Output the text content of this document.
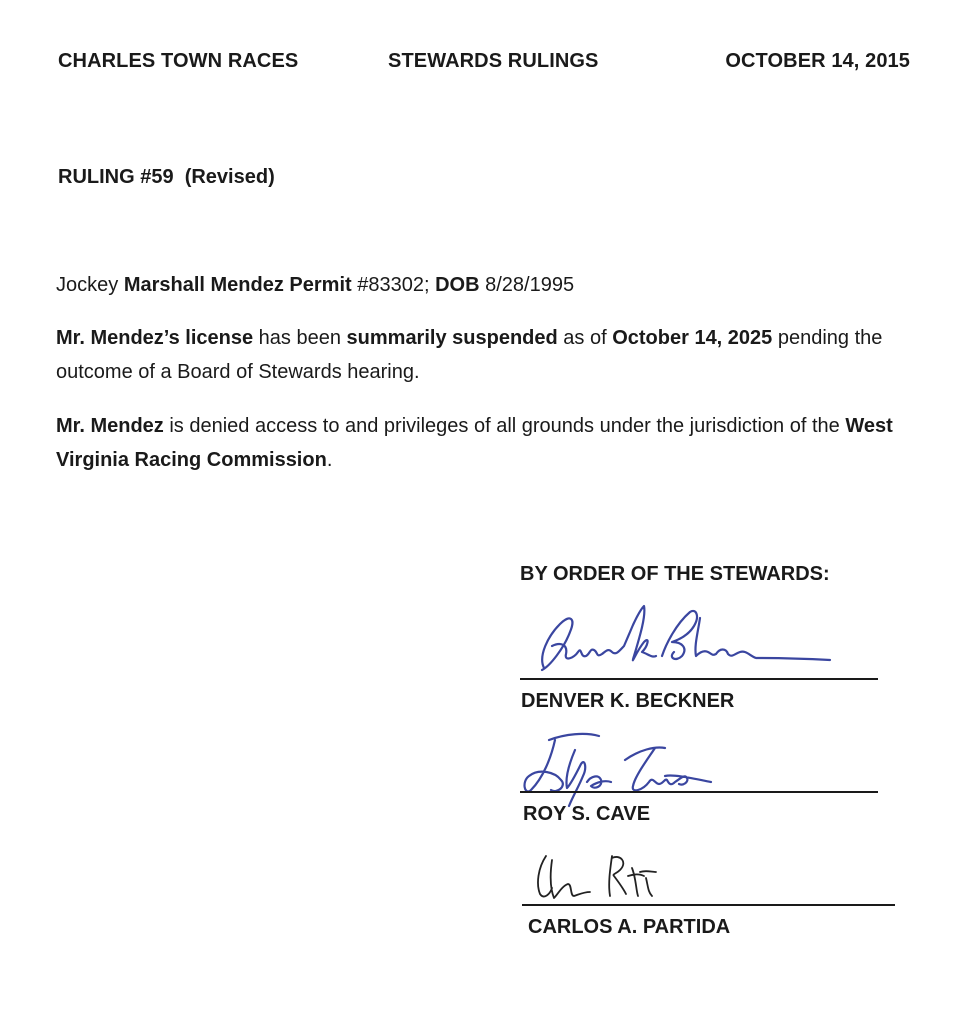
CHARLES TOWN RACES	STEWARDS RULINGS	OCTOBER 14, 2015
RULING #59  (Revised)
Jockey Marshall Mendez Permit #83302; DOB 8/28/1995
Mr. Mendez’s license has been summarily suspended as of October 14, 2025 pending the outcome of a Board of Stewards hearing.
Mr. Mendez is denied access to and privileges of all grounds under the jurisdiction of the West Virginia Racing Commission.
BY ORDER OF THE STEWARDS:
DENVER K. BECKNER
ROY S. CAVE
CARLOS A. PARTIDA
